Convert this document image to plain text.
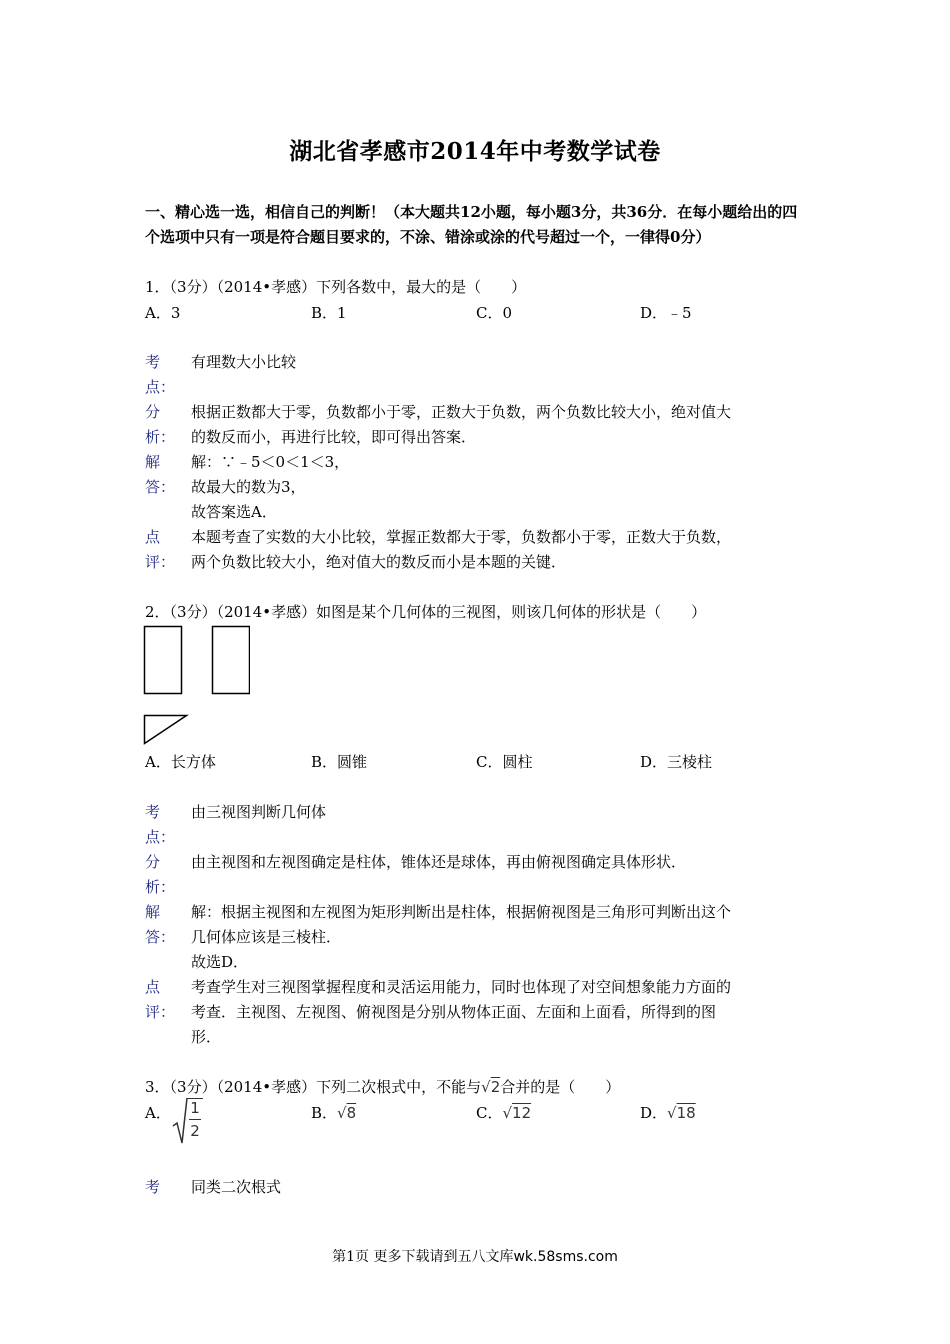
湖北省孝感市2014年中考数学试卷
一、精心选一选，相信自己的判断！（本大题共12小题，每小题3分，共36分．在每小题给出的四个选项中只有一项是符合题目要求的，不涂、错涂或涂的代号超过一个，一律得0分）
1．（3分）（2014•孝感）下列各数中，最大的是（　　）
A．3	B．1	C．0	D．﹣5
考
点：
有理数大小比较
分
析：
根据正数都大于零，负数都小于零，正数大于负数，两个负数比较大小，绝对值大
的数反而小，再进行比较，即可得出答案．
解
答：
解：∵﹣5＜0＜1＜3，
故最大的数为3，
故答案选A．
点
评：
本题考查了实数的大小比较，掌握正数都大于零，负数都小于零，正数大于负数，
两个负数比较大小，绝对值大的数反而小是本题的关键．
2．（3分）（2014•孝感）如图是某个几何体的三视图，则该几何体的形状是（　　）
A．长方体	B．圆锥	C．圆柱	D．三棱柱
考
点：
由三视图判断几何体
分
析：
由主视图和左视图确定是柱体，锥体还是球体，再由俯视图确定具体形状．
解
答：
解：根据主视图和左视图为矩形判断出是柱体，根据俯视图是三角形可判断出这个
几何体应该是三棱柱．
故选D．
点
评：
考查学生对三视图掌握程度和灵活运用能力，同时也体现了对空间想象能力方面的
考查．主视图、左视图、俯视图是分别从物体正面、左面和上面看，所得到的图
形．
3．（3分）（2014•孝感）下列二次根式中，不能与√2合并的是（　　）
A． 1
2
B．√8	C．√12	D．√18
考 同类二次根式
第1页 更多下载请到五八文库wk.58sms.com
